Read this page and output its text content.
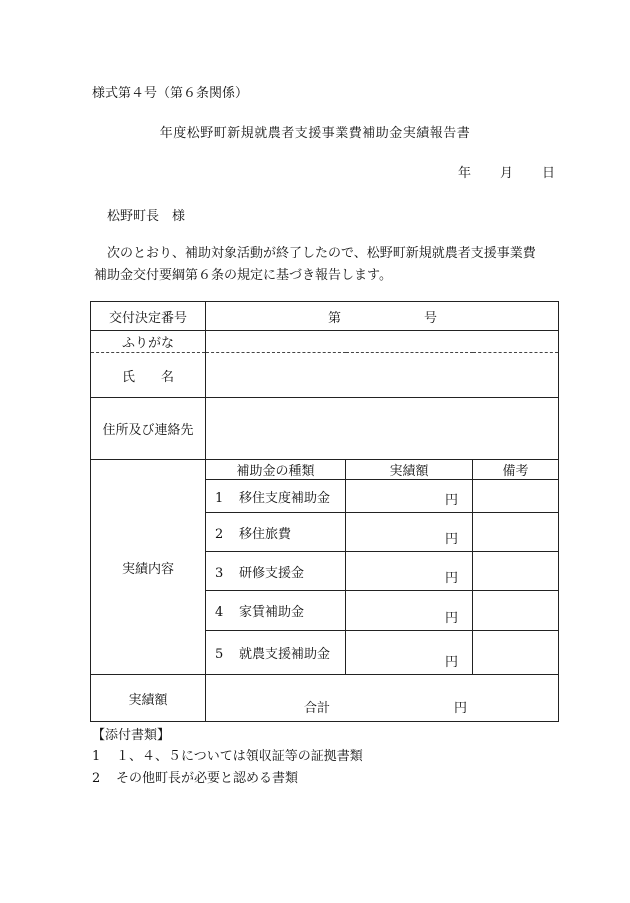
様式第４号（第６条関係）
年度松野町新規就農者支援事業費補助金実績報告書
年 月 日
松野町長　様
次のとおり、補助対象活動が終了したので、松野町新規就農者支援事業費
補助金交付要綱第６条の規定に基づき報告します。
交付決定番号	第 号		
ふりがな			
氏　　名			
住所及び連絡先			
実績内容	補助金の種類	実績額	備考
	1 移住支度補助金	円	

	2 移住旅費	円	

	3 研修支援金	円	

	4 家賃補助金	円	

	5 就農支援補助金	円	

実績額	合計 円		
【添付書類】
1 １、４、５については領収証等の証拠書類
2 その他町長が必要と認める書類
